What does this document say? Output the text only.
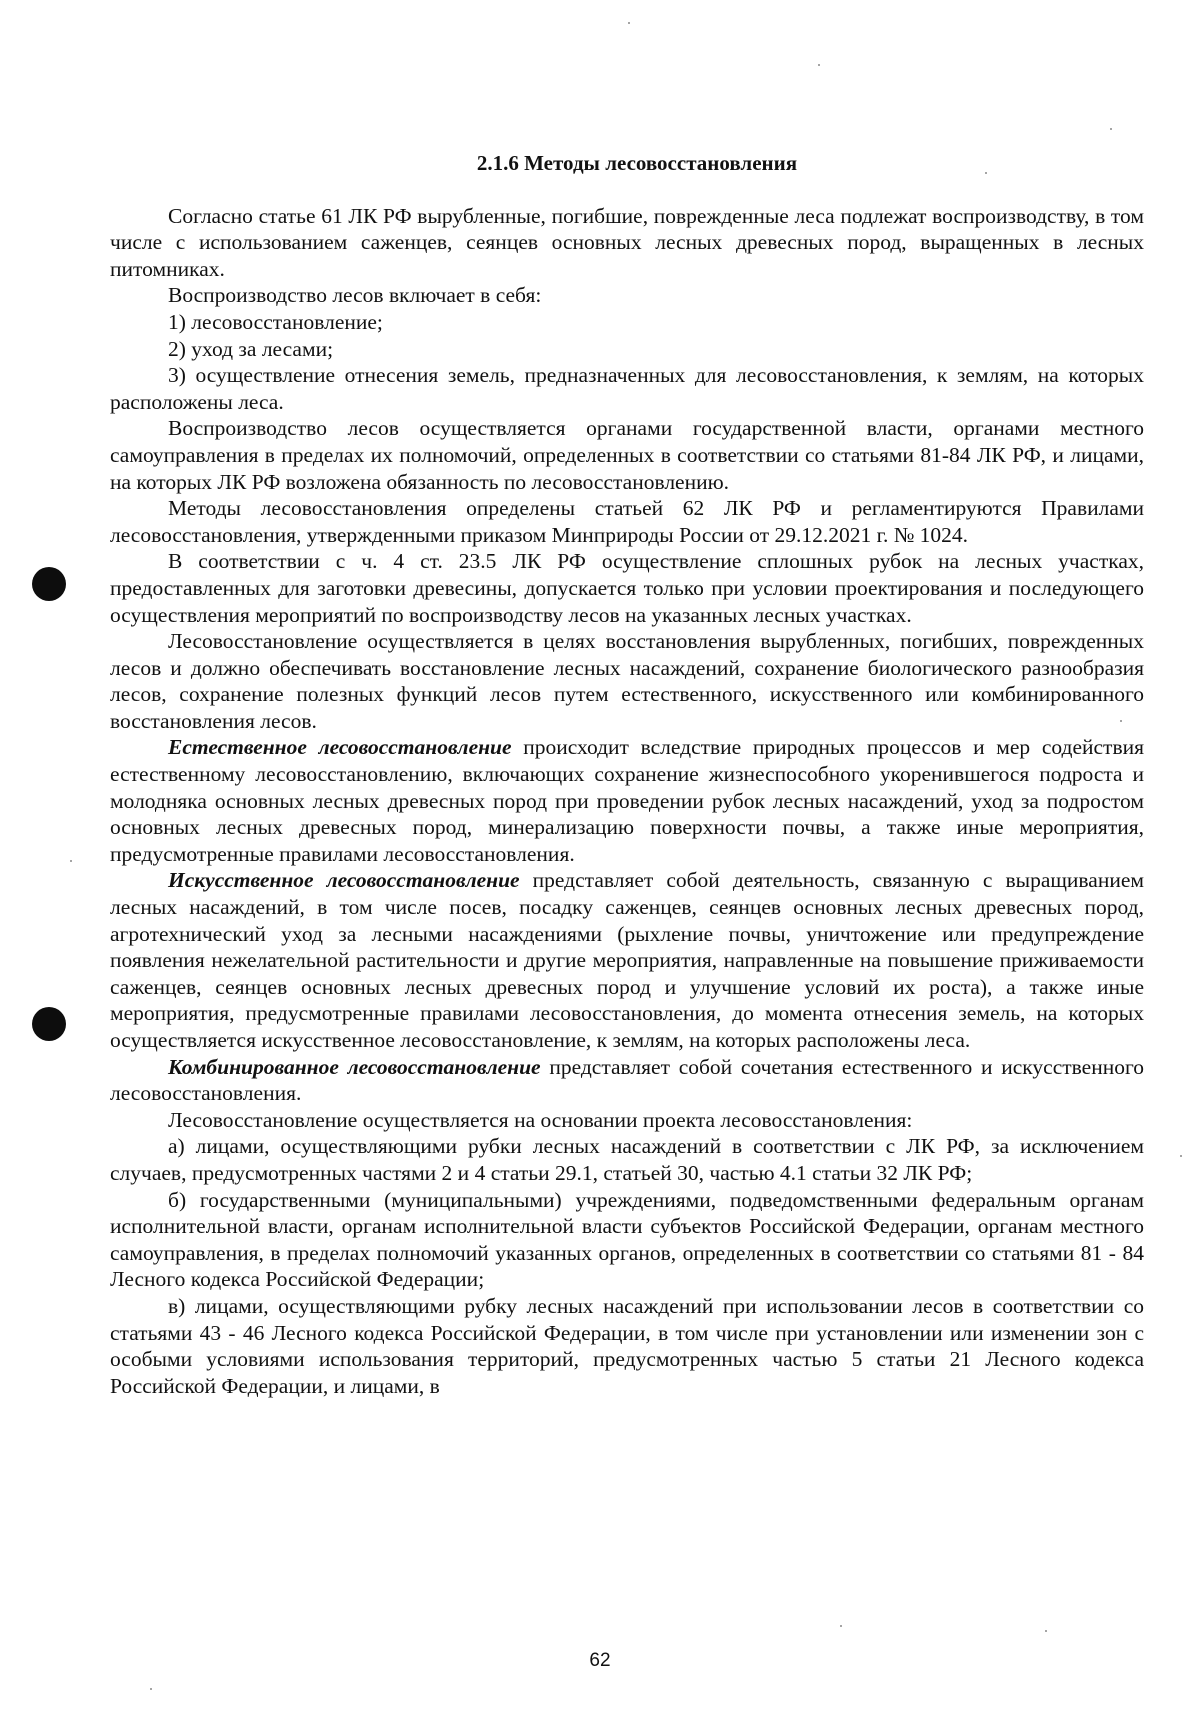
2.1.6 Методы лесовосстановления

Согласно статье 61 ЛК РФ вырубленные, погибшие, поврежденные леса подлежат воспроизводству, в том числе с использованием саженцев, сеянцев основных лесных древесных пород, выращенных в лесных питомниках.

Воспроизводство лесов включает в себя:

1) лесовосстановление;

2) уход за лесами;

3) осуществление отнесения земель, предназначенных для лесовосстановления, к землям, на которых расположены леса.

Воспроизводство лесов осуществляется органами государственной власти, органами местного самоуправления в пределах их полномочий, определенных в соответствии со статьями 81-84 ЛК РФ, и лицами, на которых ЛК РФ возложена обязанность по лесовосстановлению.

Методы лесовосстановления определены статьей 62 ЛК РФ и регламентируются Правилами лесовосстановления, утвержденными приказом Минприроды России от 29.12.2021 г. № 1024.

В соответствии с ч. 4 ст. 23.5 ЛК РФ осуществление сплошных рубок на лесных участках, предоставленных для заготовки древесины, допускается только при условии проектирования и последующего осуществления мероприятий по воспроизводству лесов на указанных лесных участках.

Лесовосстановление осуществляется в целях восстановления вырубленных, погибших, поврежденных лесов и должно обеспечивать восстановление лесных насаждений, сохранение биологического разнообразия лесов, сохранение полезных функций лесов путем естественного, искусственного или комбинированного восстановления лесов.

Естественное лесовосстановление происходит вследствие природных процессов и мер содействия естественному лесовосстановлению, включающих сохранение жизнеспособного укоренившегося подроста и молодняка основных лесных древесных пород при проведении рубок лесных насаждений, уход за подростом основных лесных древесных пород, минерализацию поверхности почвы, а также иные мероприятия, предусмотренные правилами лесовосстановления.

Искусственное лесовосстановление представляет собой деятельность, связанную с выращиванием лесных насаждений, в том числе посев, посадку саженцев, сеянцев основных лесных древесных пород, агротехнический уход за лесными насаждениями (рыхление почвы, уничтожение или предупреждение появления нежелательной растительности и другие мероприятия, направленные на повышение приживаемости саженцев, сеянцев основных лесных древесных пород и улучшение условий их роста), а также иные мероприятия, предусмотренные правилами лесовосстановления, до момента отнесения земель, на которых осуществляется искусственное лесовосстановление, к землям, на которых расположены леса.

Комбинированное лесовосстановление представляет собой сочетания естественного и искусственного лесовосстановления.

Лесовосстановление осуществляется на основании проекта лесовосстановления:

а) лицами, осуществляющими рубки лесных насаждений в соответствии с ЛК РФ, за исключением случаев, предусмотренных частями 2 и 4 статьи 29.1, статьей 30, частью 4.1 статьи 32 ЛК РФ;

б) государственными (муниципальными) учреждениями, подведомственными федеральным органам исполнительной власти, органам исполнительной власти субъектов Российской Федерации, органам местного самоуправления, в пределах полномочий указанных органов, определенных в соответствии со статьями 81 - 84 Лесного кодекса Российской Федерации;

в) лицами, осуществляющими рубку лесных насаждений при использовании лесов в соответствии со статьями 43 - 46 Лесного кодекса Российской Федерации, в том числе при установлении или изменении зон с особыми условиями использования территорий, предусмотренных частью 5 статьи 21 Лесного кодекса Российской Федерации, и лицами, в

62
